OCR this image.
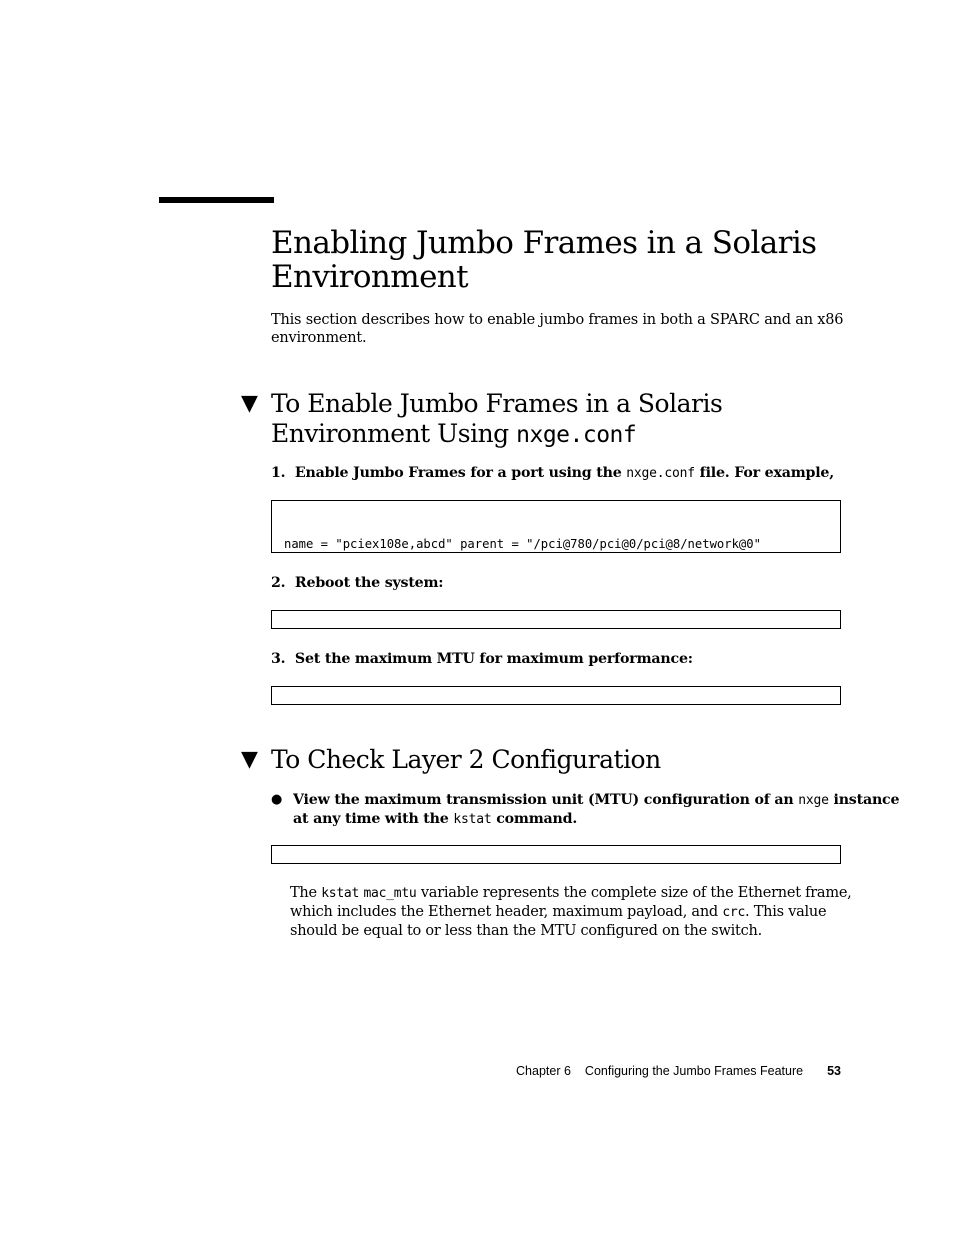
Enabling Jumbo Frames in a Solaris
Environment

This section describes how to enable jumbo frames in both a SPARC and an x86
environment.

▼ To Enable Jumbo Frames in a Solaris
Environment Using nxge.conf

1. Enable Jumbo Frames for a port using the nxge.conf file. For example,

name = "pciex108e,abcd" parent = "/pci@780/pci@0/pci@8/network@0"

2. Reboot the system:

3. Set the maximum MTU for maximum performance:

▼ To Check Layer 2 Configuration
● View the maximum transmission unit (MTU) configuration of an nxge instance
at any time with the kstat command.

The kstat mac_mtu variable represents the complete size of the Ethernet frame,
which includes the Ethernet header, maximum payload, and crc. This value
should be equal to or less than the MTU configured on the switch.

Chapter 6 Configuring the Jumbo Frames Feature 53
